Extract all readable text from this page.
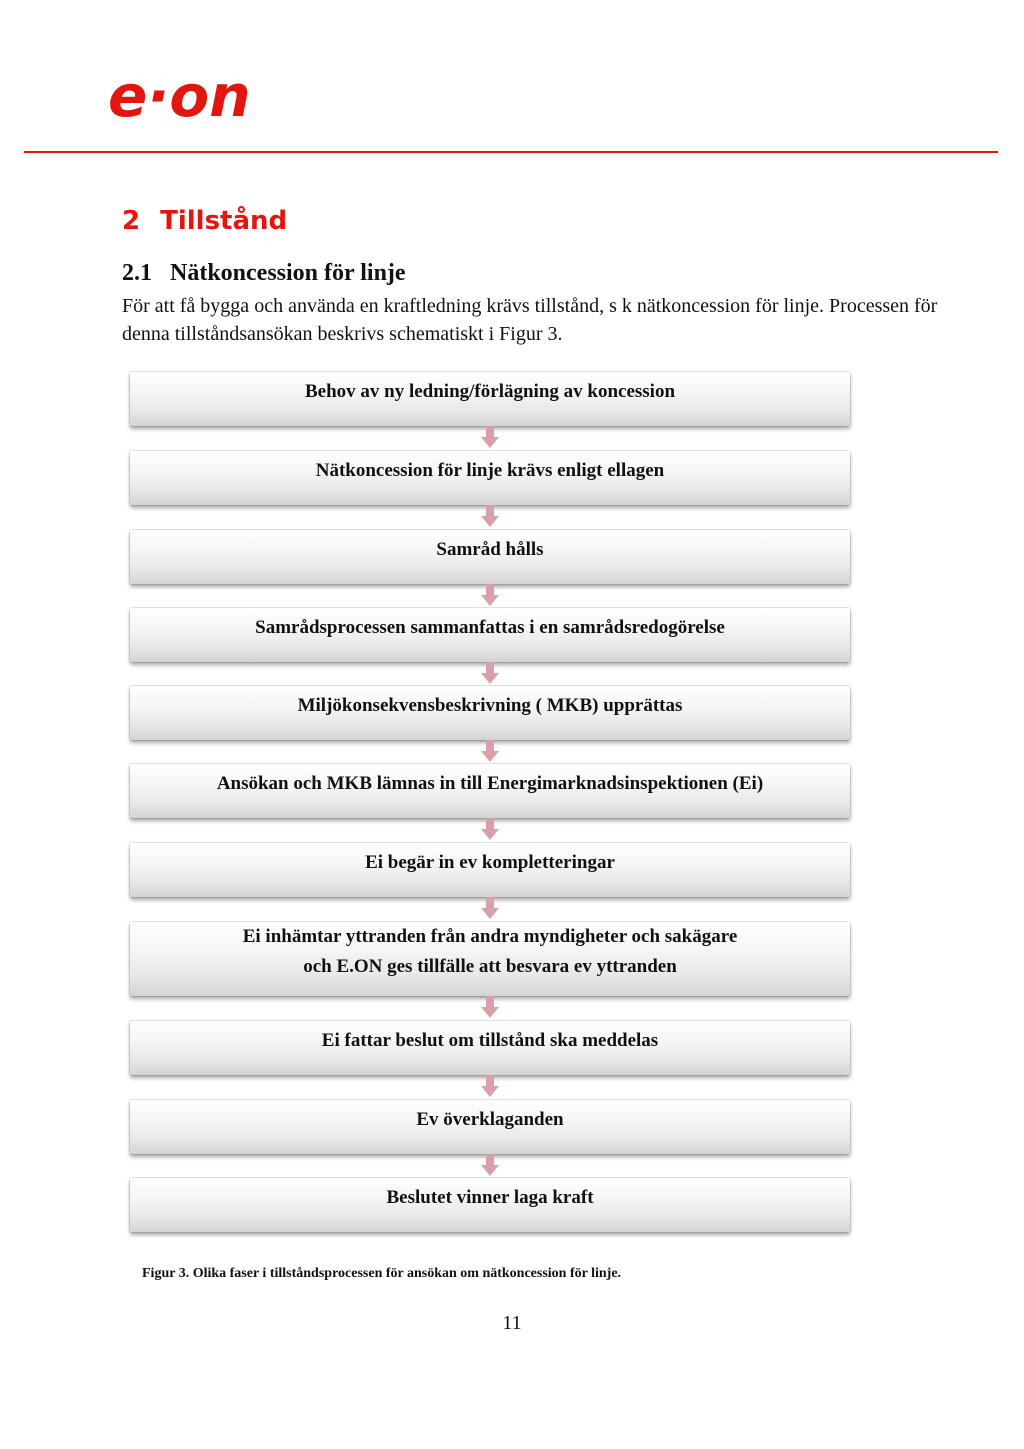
e·on
2 Tillstånd
2.1 Nätkoncession för linje

För att få bygga och använda en kraftledning krävs tillstånd, s k nätkoncession för linje. Processen för denna tillståndsansökan beskrivs schematiskt i Figur 3.

Behov av ny ledning/förlägning av koncession
Nätkoncession för linje krävs enligt ellagen
Samråd hålls
Samrådsprocessen sammanfattas i en samrådsredogörelse
Miljökonsekvensbeskrivning ( MKB) upprättas
Ansökan och MKB lämnas in till Energimarknadsinspektionen (Ei)
Ei begär in ev kompletteringar
Ei inhämtar yttranden från andra myndigheter och sakägare
och E.ON ges tillfälle att besvara ev yttranden
Ei fattar beslut om tillstånd ska meddelas
Ev överklaganden
Beslutet vinner laga kraft

Figur 3. Olika faser i tillståndsprocessen för ansökan om nätkoncession för linje.

11
